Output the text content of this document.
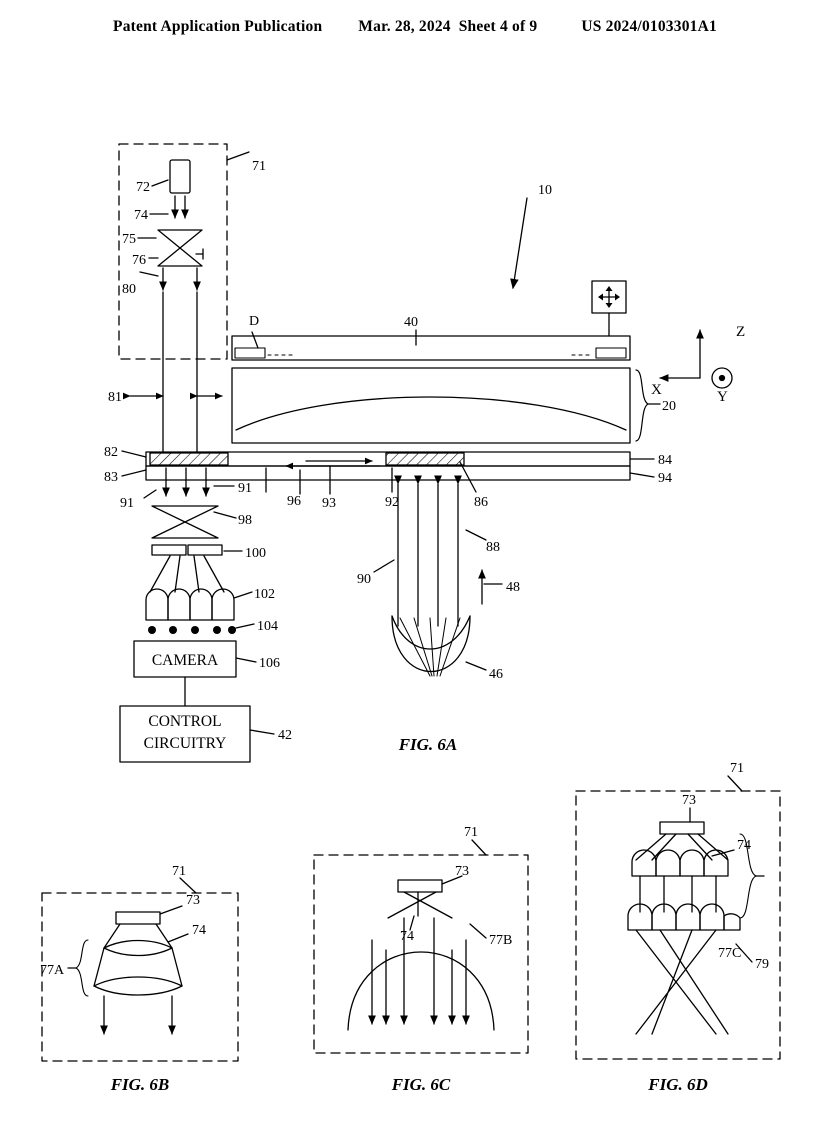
Patent Application Publication Mar. 28, 2024 Sheet 4 of 9	US 2024/0103301A1
10
20
40
42
46
48
71
72
74
75
76
80
81
82
83
84
86
88
90
91
91
92
93
94
96
98
100
102
104
106
D
Z
X	Y
CAMERA
CONTROL
CIRCUITRY
71
73
74
77A
71
73
74	77B
71
73
74
77C
79
FIG. 6A
FIG. 6B	FIG. 6C	FIG. 6D
